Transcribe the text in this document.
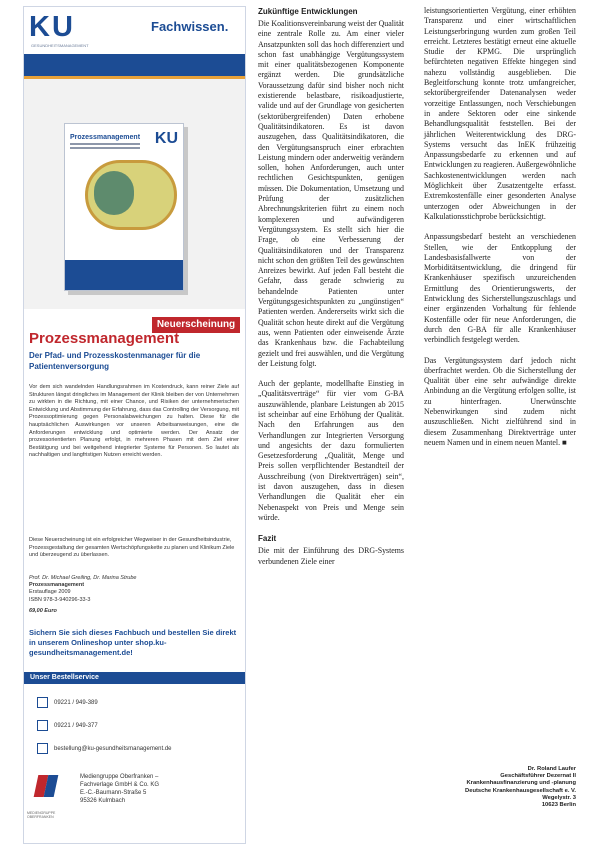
KU
GESUNDHEITSMANAGEMENT
Fachwissen.
Prozessmanagement KU
Neuerscheinung
Prozessmanagement
Der Pfad- und Prozesskostenmanager für die Patientenversorgung
Vor dem sich wandelnden Handlungsrahmen im Kostendruck, kann reiner Ziele auf Strukturen längst dringliches im Management der Klinik bleiben der von Unternehmen zu wirkten in die Richtung, mit einer Chance, und Risiken der unternehmerischen Entwicklung und Abstimmung der Erfahrung, dass das Controlling der Versorgung, mit Prozessoptimierung gegen Personalabweichungen zu halten. Diese für die hauptsächlichen Auswirkungen vor unseren Arbeitsanweisungen, eine die Anforderungen entwicklung und optimierte werden. Der Ansatz der prozessorientierten Planung erfolgt, in mehreren Phasen mit dem Ziel einer Bestätigung und bei weitgehend integrierter Systeme für Personen. So lautet als nachhaltigen und langfristigen Nutzen erreicht werden.
Diese Neuerscheinung ist ein erfolgreicher Wegweiser in der Gesundheitsindustrie, Prozessgestaltung der gesamten Wertschöpfungskette zu planen und Klinikum Ziele und überzeugend zu überlassen.
Prof. Dr. Michael Greiling, Dr. Marina Strube
Prozessmanagement
Erstauflage 2009
ISBN 978-3-940296-33-3
69,00 Euro
Sichern Sie sich dieses Fachbuch und bestellen Sie direkt in unserem Onlineshop unter shop.ku-gesundheitsmanagement.de!
Unser Bestellservice
09221 / 949-389
09221 / 949-377
bestellung@ku-gesundheitsmanagement.de
MEDIENGRUPPE OBERFRANKEN
Mediengruppe Oberfranken –
Fachverlage GmbH & Co. KG
E.-C.-Baumann-Straße 5
95326 Kulmbach
Zukünftige Entwicklungen

Die Koalitionsvereinbarung weist der Qualität eine zentrale Rolle zu. Am einer vieler Ansatzpunkten soll das hoch differenziert und schon fast unabhängige Vergütungssystem mit einer qualitätsbezogenen Komponente ergänzt werden. Die grundsätzliche Voraussetzung dafür sind bisher noch nicht existierende belastbare, risikoadjustierte, valide und auf der Grundlage von gesicherten (sektorübergreifenden) Daten erhobene Qualitätsindikatoren. Es ist davon auszugehen, dass Qualitätsindikatoren, die den Vergütungsanspruch einer erbrachten Leistung mindern oder anderweitig verändern sollen, hohen Anforderungen, auch unter rechtlichen Gesichtspunkten, genügen müssen. Die Dokumentation, Umsetzung und Prüfung der zusätzlichen Abrechnungskriterien führt zu einem noch komplexeren und aufwändigeren Vergütungssystem. Es stellt sich hier die Frage, ob eine Verbesserung der Qualitätsindikatoren und der Transparenz nicht schon den größten Teil des gewünschten Anreizes bewirkt. Auf jeden Fall besteht die Gefahr, dass gerade schwierig zu behandelnde Patienten unter Vergütungsgesichtspunkten zu „ungünstigen“ Patienten werden. Andererseits wirkt sich die Qualität schon heute direkt auf die Vergütung aus, wenn Patienten oder einweisende Ärzte das Krankenhaus bzw. die Fachabteilung gezielt und frei auswählen, und die Vergütung der Leistung folgt.

Auch der geplante, modellhafte Einstieg in „Qualitätsverträge“ für vier vom G-BA auszuwählende, planbare Leistungen ab 2015 ist scheinbar auf eine Erhöhung der Qualität. Nach den Erfahrungen aus den Verhandlungen zur Integrierten Versorgung und angesichts der dazu formulierten Gesetzesforderung „Qualität, Menge und Preis sollen verpflichtender Bestandteil der Ausschreibung (von Direktverträgen) sein“, ist davon auszugehen, dass in diesen Verhandlungen die Qualität eher ein Nebenaspekt von Preis und Menge sein würde.

Fazit

Die mit der Einführung des DRG-Systems verbundenen Ziele einer

leistungsorientierten Vergütung, einer erhöhten Transparenz und einer wirtschaftlichen Leistungserbringung wurden zum großen Teil erreicht. Letzteres bestätigt erneut eine aktuelle Studie der KPMG. Die ursprünglich befürchteten negativen Effekte hingegen sind nahezu vollständig ausgeblieben. Die Begleitforschung konnte trotz umfangreicher, sektorübergreifender Datenanalysen weder vorzeitige Entlassungen, noch Verschiebungen in andere Sektoren oder eine sinkende Behandlungsqualität feststellen. Bei der jährlichen Weiterentwicklung des DRG-Systems versucht das InEK frühzeitig Anpassungsbedarfe zu erkennen und auf Entwicklungen zu reagieren. Außergewöhnliche Sachkostenentwicklungen werden nach Möglichkeit über Zusatzentgelte erfasst. Extremkostenfälle einer gesonderten Analyse unterzogen oder Abweichungen in der Kalkulationsstichprobe berücksichtigt.

Anpassungsbedarf besteht an verschiedenen Stellen, wie der Entkopplung der Landesbasisfallwerte von der Morbiditätsentwicklung, die dringend für Krankenhäuser spezifisch unzureichenden Ermittlung des Orientierungswerts, der Entwicklung des Sicherstellungszuschlags und einer ergänzenden Vorhaltung für fehlende Kostenfälle oder für neue Anforderungen, die durch den G-BA für alle Krankenhäuser verbindlich festgelegt werden.

Das Vergütungssystem darf jedoch nicht überfrachtet werden. Ob die Sicherstellung der Qualität über eine sehr aufwändige direkte Anbindung an die Vergütung erfolgen sollte, ist zu hinterfragen. Unerwünschte Nebenwirkungen sind zudem nicht auszuschließen. Nicht zielführend sind in diesem Zusammenhang Direktverträge unter neuem Namen und in einem neuen Mantel. ■

Dr. Roland Laufer
Geschäftsführer Dezernat II
Krankenhausfinanzierung und -planung
Deutsche Krankenhausgesellschaft e. V.
Wegelystr. 3
10623 Berlin
